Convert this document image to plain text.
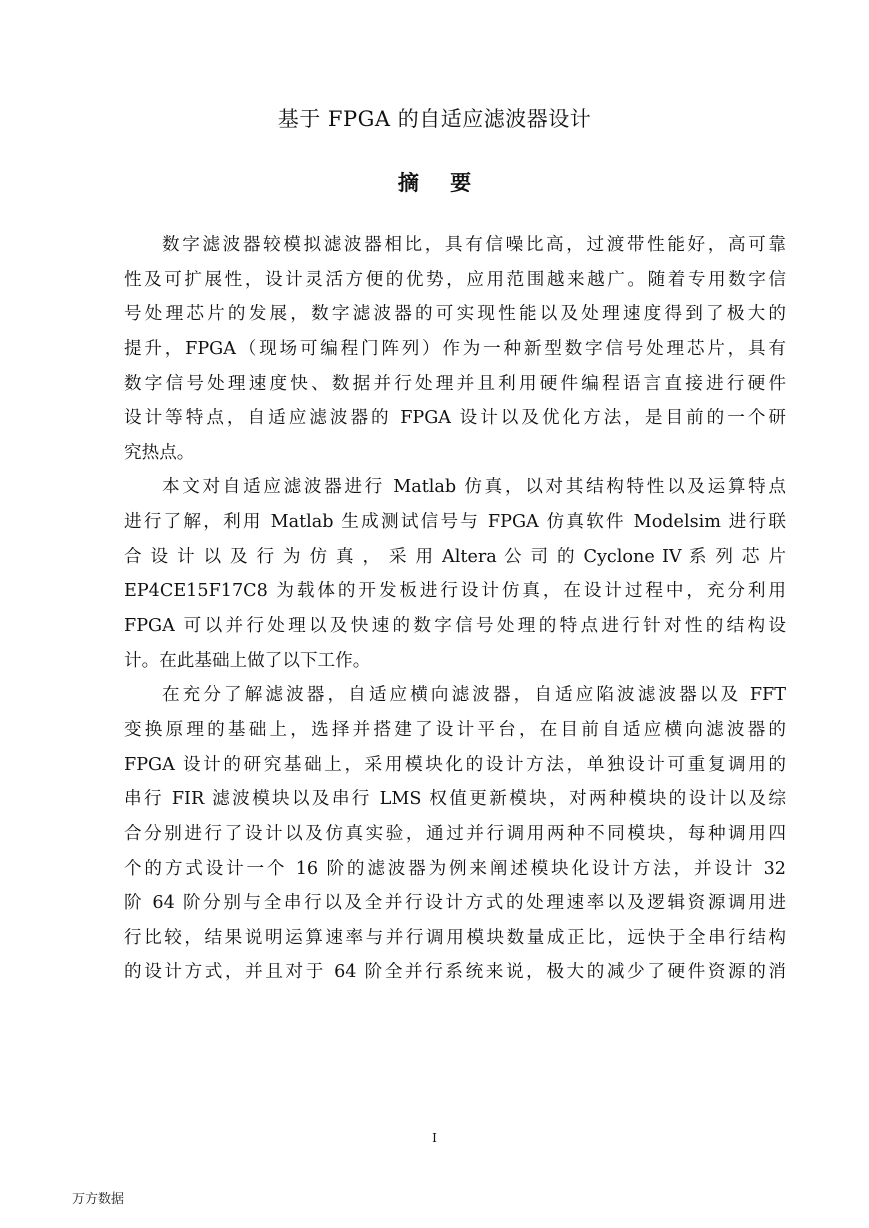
基于 FPGA 的自适应滤波器设计
摘 要
数字滤波器较模拟滤波器相比，具有信噪比高，过渡带性能好，高可靠
性及可扩展性，设计灵活方便的优势，应用范围越来越广。随着专用数字信
号处理芯片的发展，数字滤波器的可实现性能以及处理速度得到了极大的
提升，FPGA（现场可编程门阵列）作为一种新型数字信号处理芯片，具有
数字信号处理速度快、数据并行处理并且利用硬件编程语言直接进行硬件
设计等特点，自适应滤波器的 FPGA 设计以及优化方法，是目前的一个研
究热点。
本文对自适应滤波器进行 Matlab 仿真，以对其结构特性以及运算特点
进行了解，利用 Matlab 生成测试信号与 FPGA 仿真软件 Modelsim 进行联
合 设 计 以 及 行 为 仿 真 ， 采 用 Altera 公 司 的 Cyclone IV 系 列 芯 片
EP4CE15F17C8 为载体的开发板进行设计仿真，在设计过程中，充分利用
FPGA 可以并行处理以及快速的数字信号处理的特点进行针对性的结构设
计。在此基础上做了以下工作。
在充分了解滤波器，自适应横向滤波器，自适应陷波滤波器以及 FFT
变换原理的基础上，选择并搭建了设计平台，在目前自适应横向滤波器的
FPGA 设计的研究基础上，采用模块化的设计方法，单独设计可重复调用的
串行 FIR 滤波模块以及串行 LMS 权值更新模块，对两种模块的设计以及综
合分别进行了设计以及仿真实验，通过并行调用两种不同模块，每种调用四
个的方式设计一个 16 阶的滤波器为例来阐述模块化设计方法，并设计 32
阶 64 阶分别与全串行以及全并行设计方式的处理速率以及逻辑资源调用进
行比较，结果说明运算速率与并行调用模块数量成正比，远快于全串行结构
的设计方式，并且对于 64 阶全并行系统来说，极大的减少了硬件资源的消
I
万方数据
